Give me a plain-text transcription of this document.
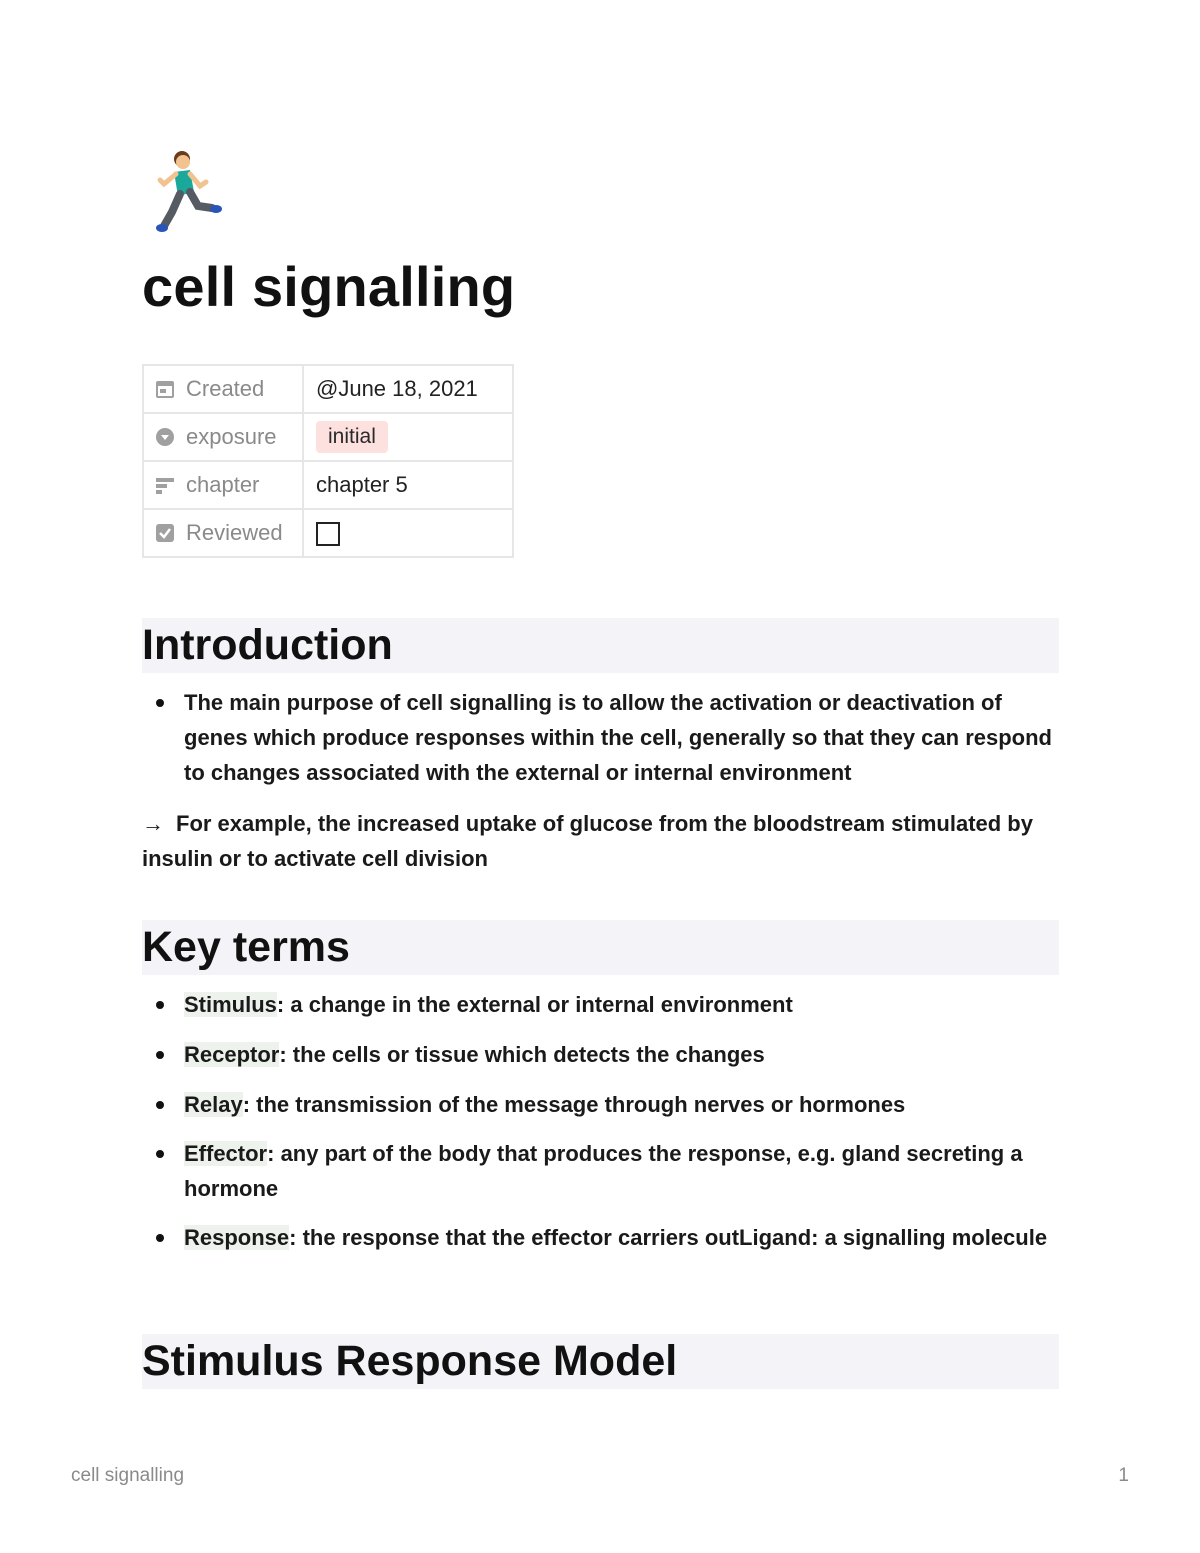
cell signalling
Created	@June 18, 2021

exposure	initial

chapter	chapter 5

Reviewed	

Introduction
The main purpose of cell signalling is to allow the activation or deactivation of genes which produce responses within the cell, generally so that they can respond to changes associated with the external or internal environment

→ For example, the increased uptake of glucose from the bloodstream stimulated by insulin or to activate cell division

Key terms
Stimulus: a change in the external or internal environment
Receptor: the cells or tissue which detects the changes
Relay: the transmission of the message through nerves or hormones
Effector: any part of the body that produces the response, e.g. gland secreting a hormone
Response: the response that the effector carriers outLigand: a signalling molecule
Stimulus Response Model
cell signalling	1
